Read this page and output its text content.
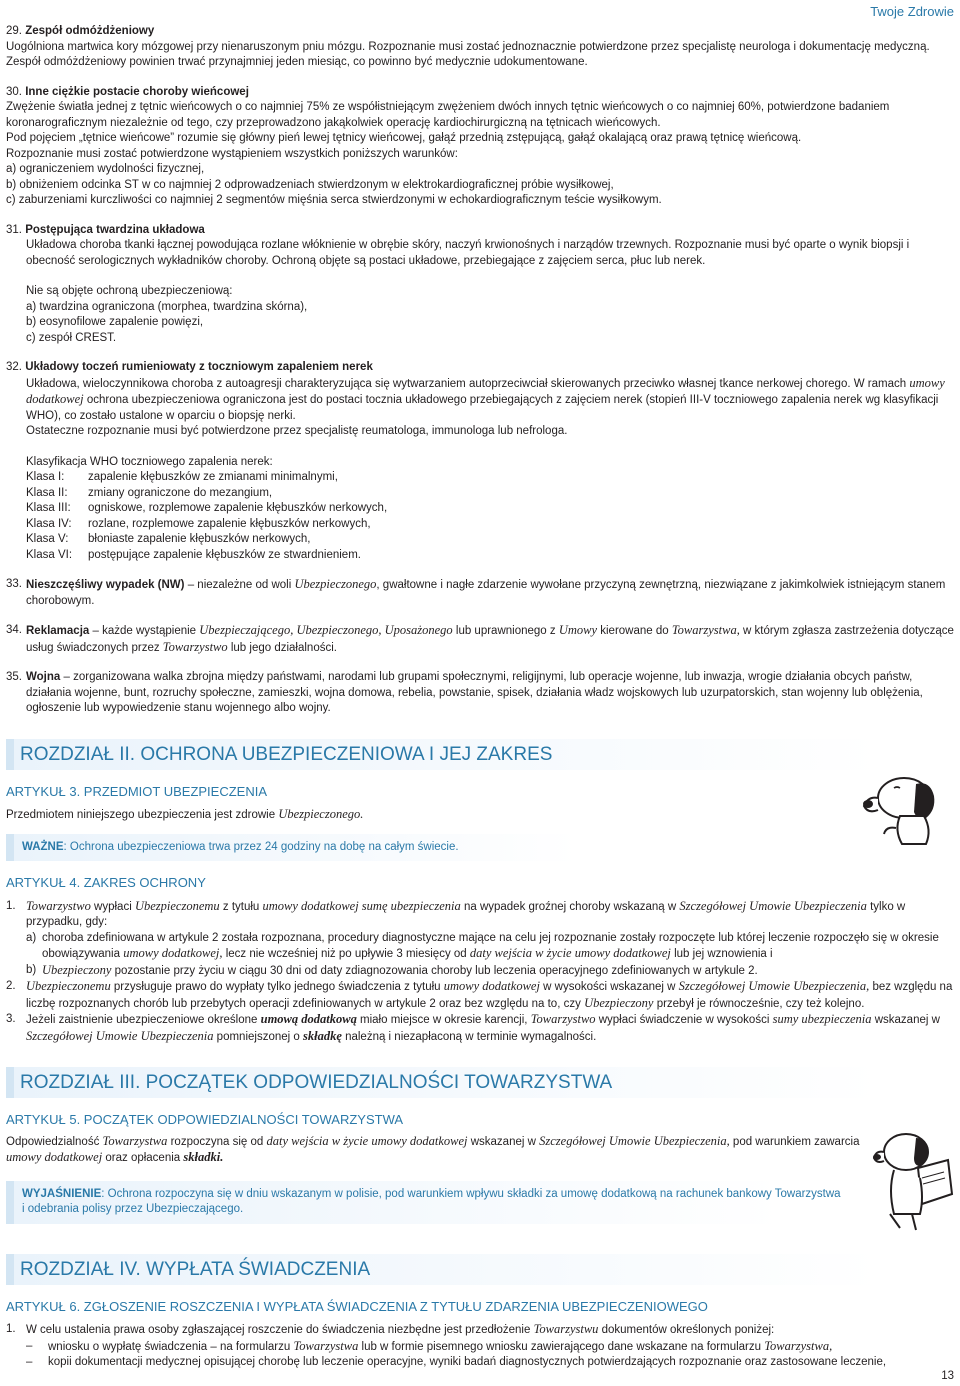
Twoje Zdrowie

29. Zespół odmóżdżeniowy

Uogólniona martwica kory mózgowej przy nienaruszonym pniu mózgu. Rozpoznanie musi zostać jednoznacznie potwierdzone przez specjalistę neurologa i dokumentację medyczną. Zespół odmóżdżeniowy powinien trwać przynajmniej jeden miesiąc, co powinno być medycznie udokumentowane.

30. Inne ciężkie postacie choroby wieńcowej

Zwężenie światła jednej z tętnic wieńcowych o co najmniej 75% ze współistniejącym zwężeniem dwóch innych tętnic wieńcowych o co najmniej 60%, potwierdzone badaniem koronarograficznym niezależnie od tego, czy przeprowadzono jakąkolwiek operację kardiochirurgiczną na tętnicach wieńcowych.

Pod pojęciem „tętnice wieńcowe” rozumie się główny pień lewej tętnicy wieńcowej, gałąź przednią zstępującą, gałąź okalającą oraz prawą tętnicę wieńcową.

Rozpoznanie musi zostać potwierdzone wystąpieniem wszystkich poniższych warunków:

a) ograniczeniem wydolności fizycznej,

b) obniżeniem odcinka ST w co najmniej 2 odprowadzeniach stwierdzonym w elektrokardiograficznej próbie wysiłkowej,

c) zaburzeniami kurczliwości co najmniej 2 segmentów mięśnia serca stwierdzonymi w echokardiograficznym teście wysiłkowym.

31. Postępująca twardzina układowa

Układowa choroba tkanki łącznej powodująca rozlane włóknienie w obrębie skóry, naczyń krwionośnych i narządów trzewnych. Rozpoznanie musi być oparte o wynik biopsji i obecność serologicznych wykładników choroby. Ochroną objęte są postaci układowe, przebiegające z zajęciem serca, płuc lub nerek.

Nie są objęte ochroną ubezpieczeniową:

a) twardzina ograniczona (morphea, twardzina skórna),

b) eosynofilowe zapalenie powięzi,

c) zespół CREST.

32. Układowy toczeń rumieniowaty z toczniowym zapaleniem nerek

Układowa, wieloczynnikowa choroba z autoagresji charakteryzująca się wytwarzaniem autoprzeciwciał skierowanych przeciwko własnej tkance nerkowej chorego. W ramach umowy dodatkowej ochrona ubezpieczeniowa ograniczona jest do postaci tocznia układowego przebiegających z zajęciem nerek (stopień III-V toczniowego zapalenia nerek wg klasyfikacji WHO), co zostało ustalone w oparciu o biopsję nerki.

Ostateczne rozpoznanie musi być potwierdzone przez specjalistę reumatologa, immunologa lub nefrologa.

Klasyfikacja WHO toczniowego zapalenia nerek:

Klasa I:	zapalenie kłębuszków ze zmianami minimalnymi,
Klasa II:	zmiany ograniczone do mezangium,
Klasa III:	ogniskowe, rozplemowe zapalenie kłębuszków nerkowych,
Klasa IV:	rozlane, rozplemowe zapalenie kłębuszków nerkowych,
Klasa V:	błoniaste zapalenie kłębuszków nerkowych,
Klasa VI:	postępujące zapalenie kłębuszków ze stwardnieniem.
33. Nieszczęśliwy wypadek (NW) – niezależne od woli Ubezpieczonego, gwałtowne i nagłe zdarzenie wywołane przyczyną zewnętrzną, niezwiązane z jakimkolwiek istniejącym stanem chorobowym.
34. Reklamacja – każde wystąpienie Ubezpieczającego, Ubezpieczonego, Uposażonego lub uprawnionego z Umowy kierowane do Towarzystwa, w którym zgłasza zastrzeżenia dotyczące usług świadczonych przez Towarzystwo lub jego działalności.
35. Wojna – zorganizowana walka zbrojna między państwami, narodami lub grupami społecznymi, religijnymi, lub operacje wojenne, lub inwazja, wrogie działania obcych państw, działania wojenne, bunt, rozruchy społeczne, zamieszki, wojna domowa, rebelia, powstanie, spisek, działania władz wojskowych lub uzurpatorskich, stan wojenny lub oblężenia, ogłoszenie lub wypowiedzenie stanu wojennego albo wojny.
ROZDZIAŁ II. OCHRONA UBEZPIECZENIOWA I JEJ ZAKRES
ARTYKUŁ 3. PRZEDMIOT UBEZPIECZENIA

Przedmiotem niniejszego ubezpieczenia jest zdrowie Ubezpieczonego.

WAŻNE: Ochrona ubezpieczeniowa trwa przez 24 godziny na dobę na całym świecie.
ARTYKUŁ 4. ZAKRES OCHRONY
1. Towarzystwo wypłaci Ubezpieczonemu z tytułu umowy dodatkowej sumę ubezpieczenia na wypadek groźnej choroby wskazaną w Szczegółowej Umowie Ubezpieczenia tylko w przypadku, gdy:
a) choroba zdefiniowana w artykule 2 została rozpoznana, procedury diagnostyczne mające na celu jej rozpoznanie zostały rozpoczęte lub której leczenie rozpoczęło się w okresie obowiązywania umowy dodatkowej, lecz nie wcześniej niż po upływie 3 miesięcy od daty wejścia w życie umowy dodatkowej lub jej wznowienia i
b) Ubezpieczony pozostanie przy życiu w ciągu 30 dni od daty zdiagnozowania choroby lub leczenia operacyjnego zdefiniowanych w artykule 2.
2. Ubezpieczonemu przysługuje prawo do wypłaty tylko jednego świadczenia z tytułu umowy dodatkowej w wysokości wskazanej w Szczegółowej Umowie Ubezpieczenia, bez względu na liczbę rozpoznanych chorób lub przebytych operacji zdefiniowanych w artykule 2 oraz bez względu na to, czy Ubezpieczony przebył je równocześnie, czy też kolejno.
3. Jeżeli zaistnienie ubezpieczeniowe określone umową dodatkową miało miejsce w okresie karencji, Towarzystwo wypłaci świadczenie w wysokości sumy ubezpieczenia wskazanej w Szczegółowej Umowie Ubezpieczenia pomniejszonej o składkę należną i niezapłaconą w terminie wymagalności.
ROZDZIAŁ III. POCZĄTEK ODPOWIEDZIALNOŚCI TOWARZYSTWA
ARTYKUŁ 5. POCZĄTEK ODPOWIEDZIALNOŚCI TOWARZYSTWA

Odpowiedzialność Towarzystwa rozpoczyna się od daty wejścia w życie umowy dodatkowej wskazanej w Szczegółowej Umowie Ubezpieczenia, pod warunkiem zawarcia umowy dodatkowej oraz opłacenia składki.

WYJAŚNIENIE: Ochrona rozpoczyna się w dniu wskazanym w polisie, pod warunkiem wpływu składki za umowę dodatkową na rachunek bankowy Towarzystwa i odebrania polisy przez Ubezpieczającego.
ROZDZIAŁ IV. WYPŁATA ŚWIADCZENIA
ARTYKUŁ 6. ZGŁOSZENIE ROSZCZENIA I WYPŁATA ŚWIADCZENIA Z TYTUŁU ZDARZENIA UBEZPIECZENIOWEGO
1. W celu ustalenia prawa osoby zgłaszającej roszczenie do świadczenia niezbędne jest przedłożenie Towarzystwu dokumentów określonych poniżej:
–	wniosku o wypłatę świadczenia – na formularzu Towarzystwa lub w formie pisemnego wniosku zawierającego dane wskazane na formularzu Towarzystwa,
–	kopii dokumentacji medycznej opisującej chorobę lub leczenie operacyjne, wyniki badań diagnostycznych potwierdzających rozpoznanie oraz zastosowane leczenie,
13
